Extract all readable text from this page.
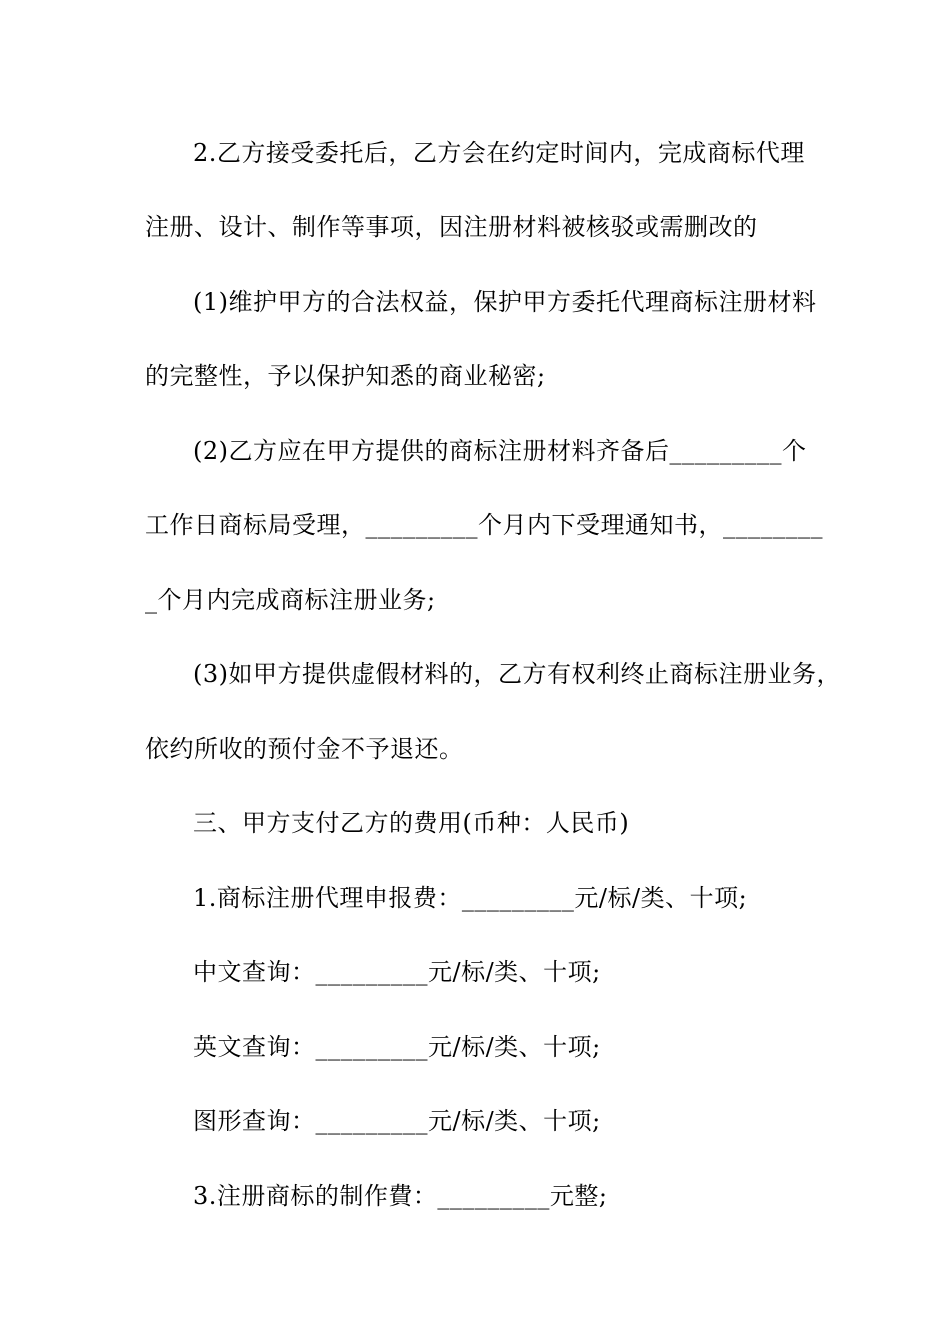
2.乙方接受委托后，乙方会在约定时间内，完成商标代理
注册、设计、制作等事项，因注册材料被核驳或需删改的
(1)维护甲方的合法权益，保护甲方委托代理商标注册材料
的完整性，予以保护知悉的商业秘密;
(2)乙方应在甲方提供的商标注册材料齐备后_________个
工作日商标局受理，_________个月内下受理通知书，________
_个月内完成商标注册业务;
(3)如甲方提供虚假材料的，乙方有权利终止商标注册业务，
依约所收的预付金不予退还。
三、甲方支付乙方的费用(币种：人民币)
1.商标注册代理申报费：_________元/标/类、十项;
中文查询：_________元/标/类、十项;
英文查询：_________元/标/类、十项;
图形查询：_________元/标/类、十项;
3.注册商标的制作費：_________元整;
